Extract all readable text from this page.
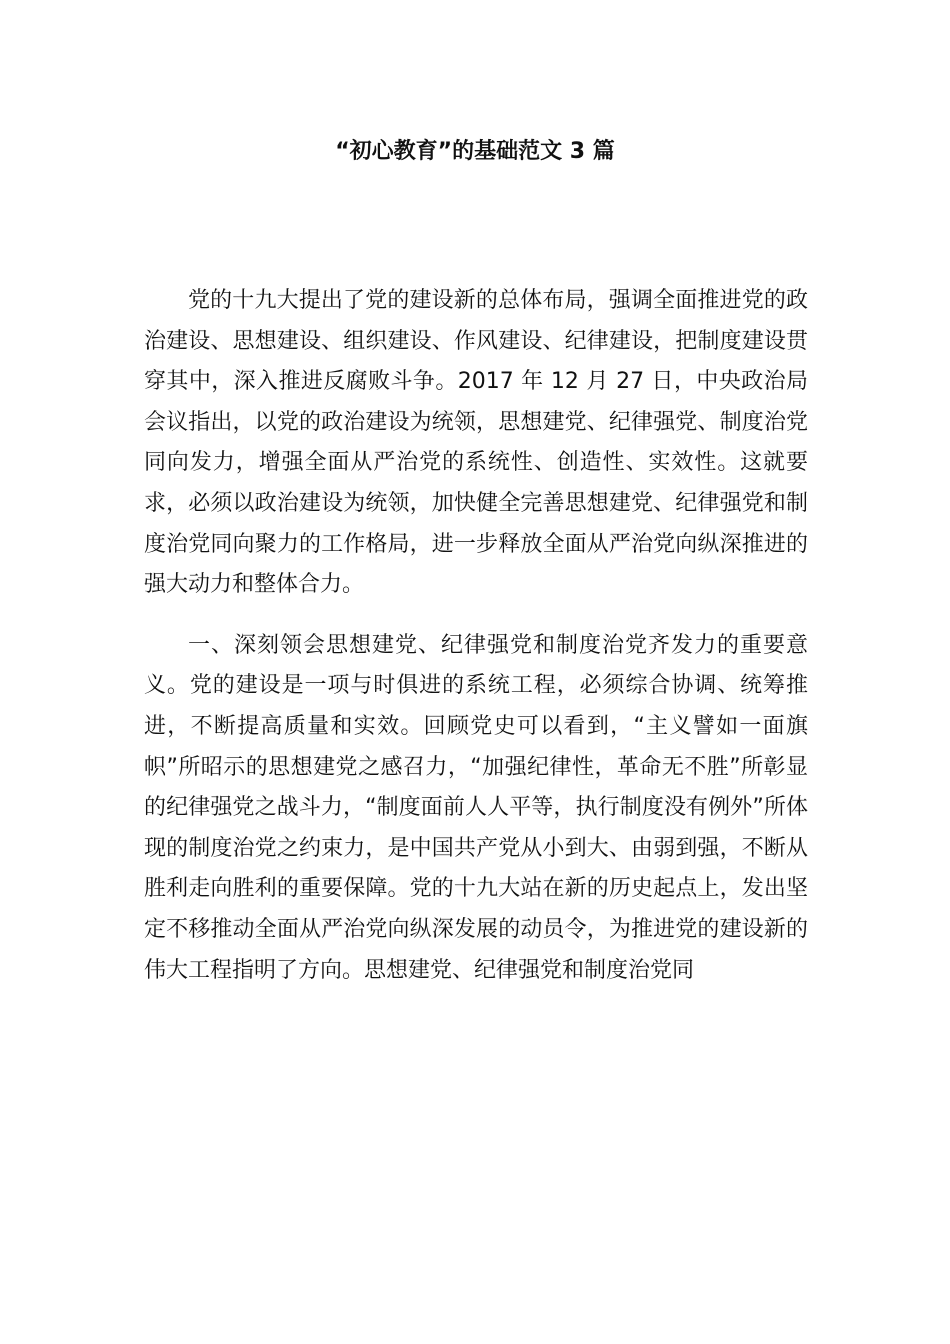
“初心教育”的基础范文 3 篇

党的十九大提出了党的建设新的总体布局，强调全面推进党的政治建设、思想建设、组织建设、作风建设、纪律建设，把制度建设贯穿其中，深入推进反腐败斗争。2017 年 12 月 27 日，中央政治局会议指出，以党的政治建设为统领，思想建党、纪律强党、制度治党同向发力，增强全面从严治党的系统性、创造性、实效性。这就要求，必须以政治建设为统领，加快健全完善思想建党、纪律强党和制度治党同向聚力的工作格局，进一步释放全面从严治党向纵深推进的强大动力和整体合力。

一、深刻领会思想建党、纪律强党和制度治党齐发力的重要意义。党的建设是一项与时俱进的系统工程，必须综合协调、统筹推进，不断提高质量和实效。回顾党史可以看到，“主义譬如一面旗帜”所昭示的思想建党之感召力，“加强纪律性，革命无不胜”所彰显的纪律强党之战斗力，“制度面前人人平等，执行制度没有例外”所体现的制度治党之约束力，是中国共产党从小到大、由弱到强，不断从胜利走向胜利的重要保障。党的十九大站在新的历史起点上，发出坚定不移推动全面从严治党向纵深发展的动员令，为推进党的建设新的伟大工程指明了方向。思想建党、纪律强党和制度治党同
